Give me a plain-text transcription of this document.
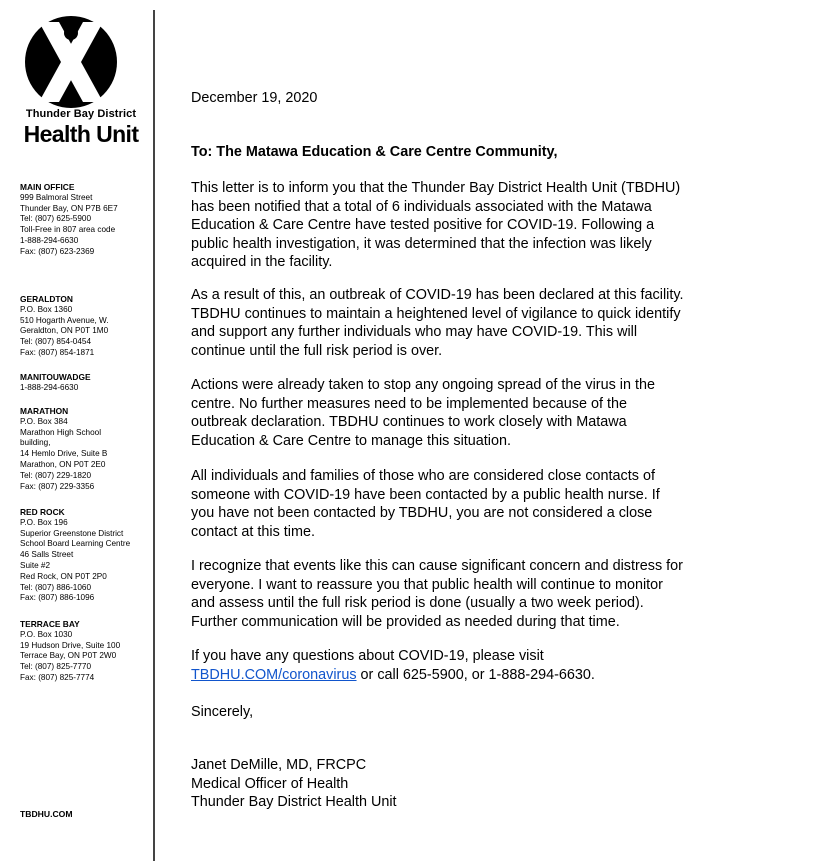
Thunder Bay District
Health Unit
MAIN OFFICE
999 Balmoral Street
Thunder Bay, ON P7B 6E7
Tel: (807) 625-5900
Toll-Free in 807 area code
1-888-294-6630
Fax: (807) 623-2369
GERALDTON
P.O. Box 1360
510 Hogarth Avenue, W.
Geraldton, ON P0T 1M0
Tel: (807) 854-0454
Fax: (807) 854-1871
MANITOUWADGE
1-888-294-6630
MARATHON
P.O. Box 384
Marathon High School
building,
14 Hemlo Drive, Suite B
Marathon, ON P0T 2E0
Tel: (807) 229-1820
Fax: (807) 229-3356
RED ROCK
P.O. Box 196
Superior Greenstone District
School Board Learning Centre
46 Salls Street
Suite #2
Red Rock, ON P0T 2P0
Tel: (807) 886-1060
Fax: (807) 886-1096
TERRACE BAY
P.O. Box 1030
19 Hudson Drive, Suite 100
Terrace Bay, ON P0T 2W0
Tel: (807) 825-7770
Fax: (807) 825-7774
TBDHU.COM
December 19, 2020
To: The Matawa Education & Care Centre Community,
This letter is to inform you that the Thunder Bay District Health Unit (TBDHU)
has been notified that a total of 6 individuals associated with the Matawa
Education & Care Centre have tested positive for COVID-19. Following a
public health investigation, it was determined that the infection was likely
acquired in the facility.
As a result of this, an outbreak of COVID-19 has been declared at this facility.
TBDHU continues to maintain a heightened level of vigilance to quick identify
and support any further individuals who may have COVID-19. This will
continue until the full risk period is over.
Actions were already taken to stop any ongoing spread of the virus in the
centre. No further measures need to be implemented because of the
outbreak declaration. TBDHU continues to work closely with Matawa
Education & Care Centre to manage this situation.
All individuals and families of those who are considered close contacts of
someone with COVID-19 have been contacted by a public health nurse. If
you have not been contacted by TBDHU, you are not considered a close
contact at this time.
I recognize that events like this can cause significant concern and distress for
everyone. I want to reassure you that public health will continue to monitor
and assess until the full risk period is done (usually a two week period).
Further communication will be provided as needed during that time.
If you have any questions about COVID-19, please visit
TBDHU.COM/coronavirus or call 625-5900, or 1-888-294-6630.
Sincerely,
Janet DeMille, MD, FRCPC
Medical Officer of Health
Thunder Bay District Health Unit
